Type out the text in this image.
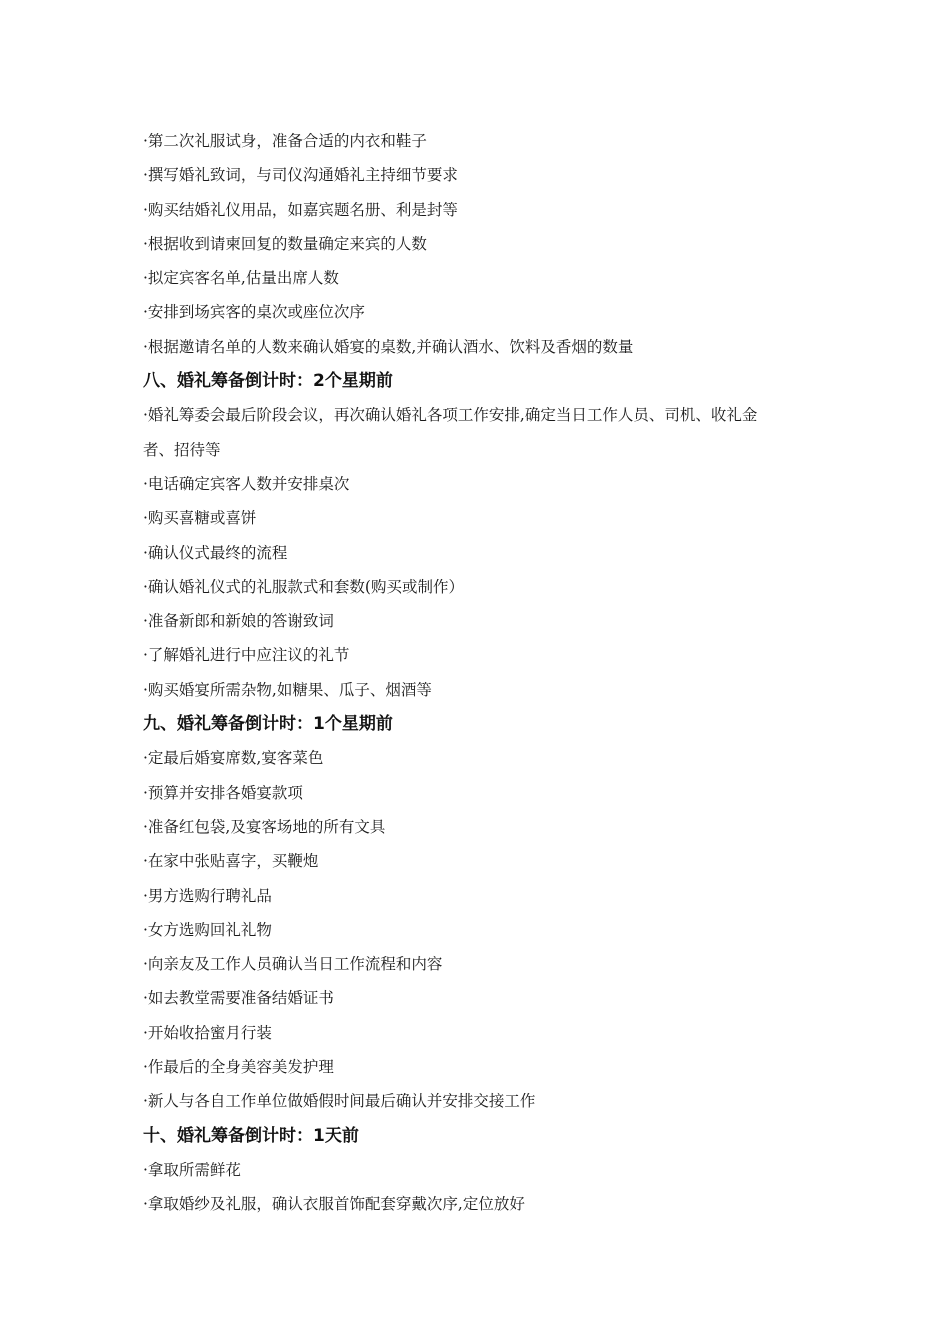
·第二次礼服试身，准备合适的内衣和鞋子
·撰写婚礼致词，与司仪沟通婚礼主持细节要求
·购买结婚礼仪用品，如嘉宾题名册、利是封等
·根据收到请柬回复的数量确定来宾的人数
·拟定宾客名单,估量出席人数
·安排到场宾客的桌次或座位次序
·根据邀请名单的人数来确认婚宴的桌数,并确认酒水、饮料及香烟的数量
八、婚礼筹备倒计时：2个星期前
·婚礼筹委会最后阶段会议，再次确认婚礼各项工作安排,确定当日工作人员、司机、收礼金
者、招待等
·电话确定宾客人数并安排桌次
·购买喜糖或喜饼
·确认仪式最终的流程
·确认婚礼仪式的礼服款式和套数(购买或制作）
·准备新郎和新娘的答谢致词
·了解婚礼进行中应注议的礼节
·购买婚宴所需杂物,如糖果、瓜子、烟酒等
九、婚礼筹备倒计时：1个星期前
·定最后婚宴席数,宴客菜色
·预算并安排各婚宴款项
·准备红包袋,及宴客场地的所有文具
·在家中张贴喜字，买鞭炮
·男方选购行聘礼品
·女方选购回礼礼物
·向亲友及工作人员确认当日工作流程和内容
·如去教堂需要准备结婚证书
·开始收拾蜜月行装
·作最后的全身美容美发护理
·新人与各自工作单位做婚假时间最后确认并安排交接工作
十、婚礼筹备倒计时：1天前
·拿取所需鲜花
·拿取婚纱及礼服，确认衣服首饰配套穿戴次序,定位放好
